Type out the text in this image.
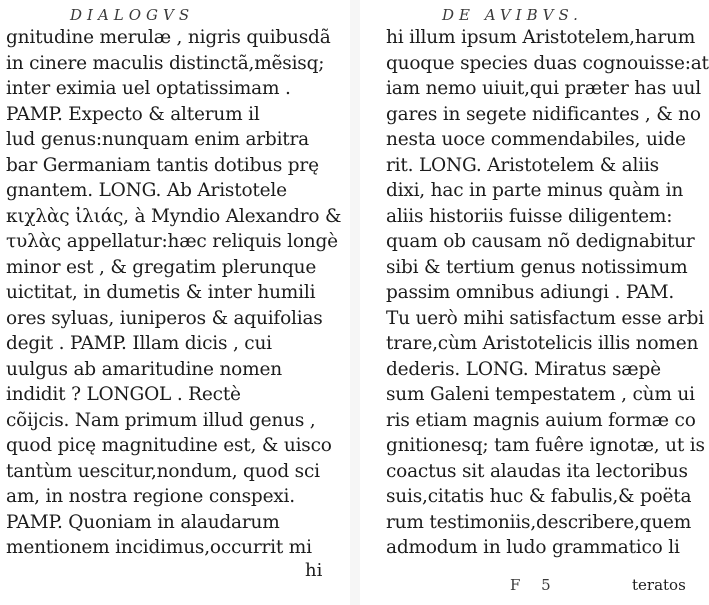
DIALOGVS
gnitudine merulæ , nigris quibusdã
in cinere maculis distinctã,mẽsisq;
inter eximia uel optatissimam .
PAMP. Expecto & alterum il
lud genus:nunquam enim arbitra
bar Germaniam tantis dotibus prę
gnantem. LONG. Ab Aristotele
κιχλὰς ἰλιάς, à Myndio Alexandro &
τυλὰς appellatur:hæc reliquis longè
minor est , & gregatim plerunque
uictitat, in dumetis & inter humili
ores syluas, iuniperos & aquifolias
degit . PAMP. Illam dicis , cui
uulgus ab amaritudine nomen
indidit ? LONGOL . Rectè
cõijcis. Nam primum illud genus ,
quod picę magnitudine est, & uisco
tantùm uescitur,nondum, quod sci
am, in nostra regione conspexi.
PAMP. Quoniam in alaudarum
mentionem incidimus,occurrit mi
hi
DE AVIBVS.
hi illum ipsum Aristotelem,harum
quoque species duas cognouisse:at
iam nemo uiuit,qui præter has uul
gares in segete nidificantes , & no
nesta uoce commendabiles, uide
rit. LONG. Aristotelem & aliis
dixi, hac in parte minus quàm in
aliis historiis fuisse diligentem:
quam ob causam nõ dedignabitur
sibi & tertium genus notissimum
passim omnibus adiungi . PAM.
Tu uerò mihi satisfactum esse arbi
trare,cùm Aristotelicis illis nomen
dederis. LONG. Miratus sæpè
sum Galeni tempestatem , cùm ui
ris etiam magnis auium formæ co
gnitionesq; tam fuêre ignotæ, ut is
coactus sit alaudas ita lectoribus
suis,citatis huc & fabulis,& poëta
rum testimoniis,describere,quem
admodum in ludo grammatico li
F 5	teratos
